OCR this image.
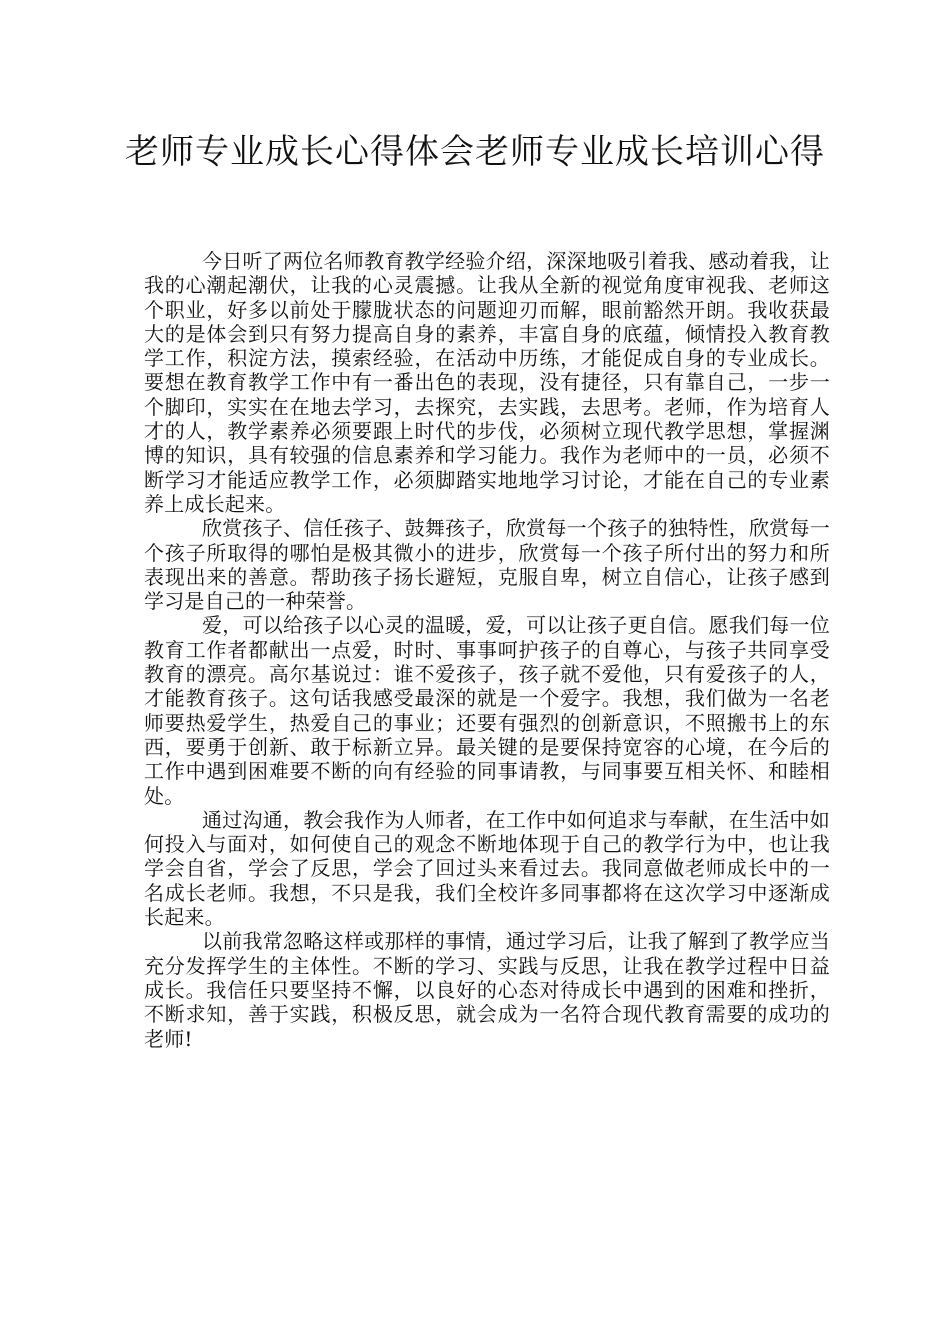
老师专业成长心得体会老师专业成长培训心得

今日听了两位名师教育教学经验介绍，深深地吸引着我、感动着我，让我的心潮起潮伏，让我的心灵震撼。让我从全新的视觉角度审视我、老师这个职业，好多以前处于朦胧状态的问题迎刃而解，眼前豁然开朗。我收获最大的是体会到只有努力提高自身的素养，丰富自身的底蕴，倾情投入教育教学工作，积淀方法，摸索经验，在活动中历练，才能促成自身的专业成长。要想在教育教学工作中有一番出色的表现，没有捷径，只有靠自己，一步一个脚印，实实在在地去学习，去探究，去实践，去思考。老师，作为培育人才的人，教学素养必须要跟上时代的步伐，必须树立现代教学思想，掌握渊博的知识，具有较强的信息素养和学习能力。我作为老师中的一员，必须不断学习才能适应教学工作，必须脚踏实地地学习讨论，才能在自己的专业素养上成长起来。

欣赏孩子、信任孩子、鼓舞孩子，欣赏每一个孩子的独特性，欣赏每一个孩子所取得的哪怕是极其微小的进步，欣赏每一个孩子所付出的努力和所表现出来的善意。帮助孩子扬长避短，克服自卑，树立自信心，让孩子感到学习是自己的一种荣誉。

爱，可以给孩子以心灵的温暖，爱，可以让孩子更自信。愿我们每一位教育工作者都献出一点爱，时时、事事呵护孩子的自尊心，与孩子共同享受教育的漂亮。高尔基说过：谁不爱孩子，孩子就不爱他，只有爱孩子的人，才能教育孩子。这句话我感受最深的就是一个爱字。我想，我们做为一名老师要热爱学生，热爱自己的事业；还要有强烈的创新意识，不照搬书上的东西，要勇于创新、敢于标新立异。最关键的是要保持宽容的心境，在今后的工作中遇到困难要不断的向有经验的同事请教，与同事要互相关怀、和睦相处。

通过沟通，教会我作为人师者，在工作中如何追求与奉献，在生活中如何投入与面对，如何使自己的观念不断地体现于自己的教学行为中，也让我学会自省，学会了反思，学会了回过头来看过去。我同意做老师成长中的一名成长老师。我想，不只是我，我们全校许多同事都将在这次学习中逐渐成长起来。

以前我常忽略这样或那样的事情，通过学习后，让我了解到了教学应当充分发挥学生的主体性。不断的学习、实践与反思，让我在教学过程中日益成长。我信任只要坚持不懈，以良好的心态对待成长中遇到的困难和挫折，不断求知，善于实践，积极反思，就会成为一名符合现代教育需要的成功的老师!
